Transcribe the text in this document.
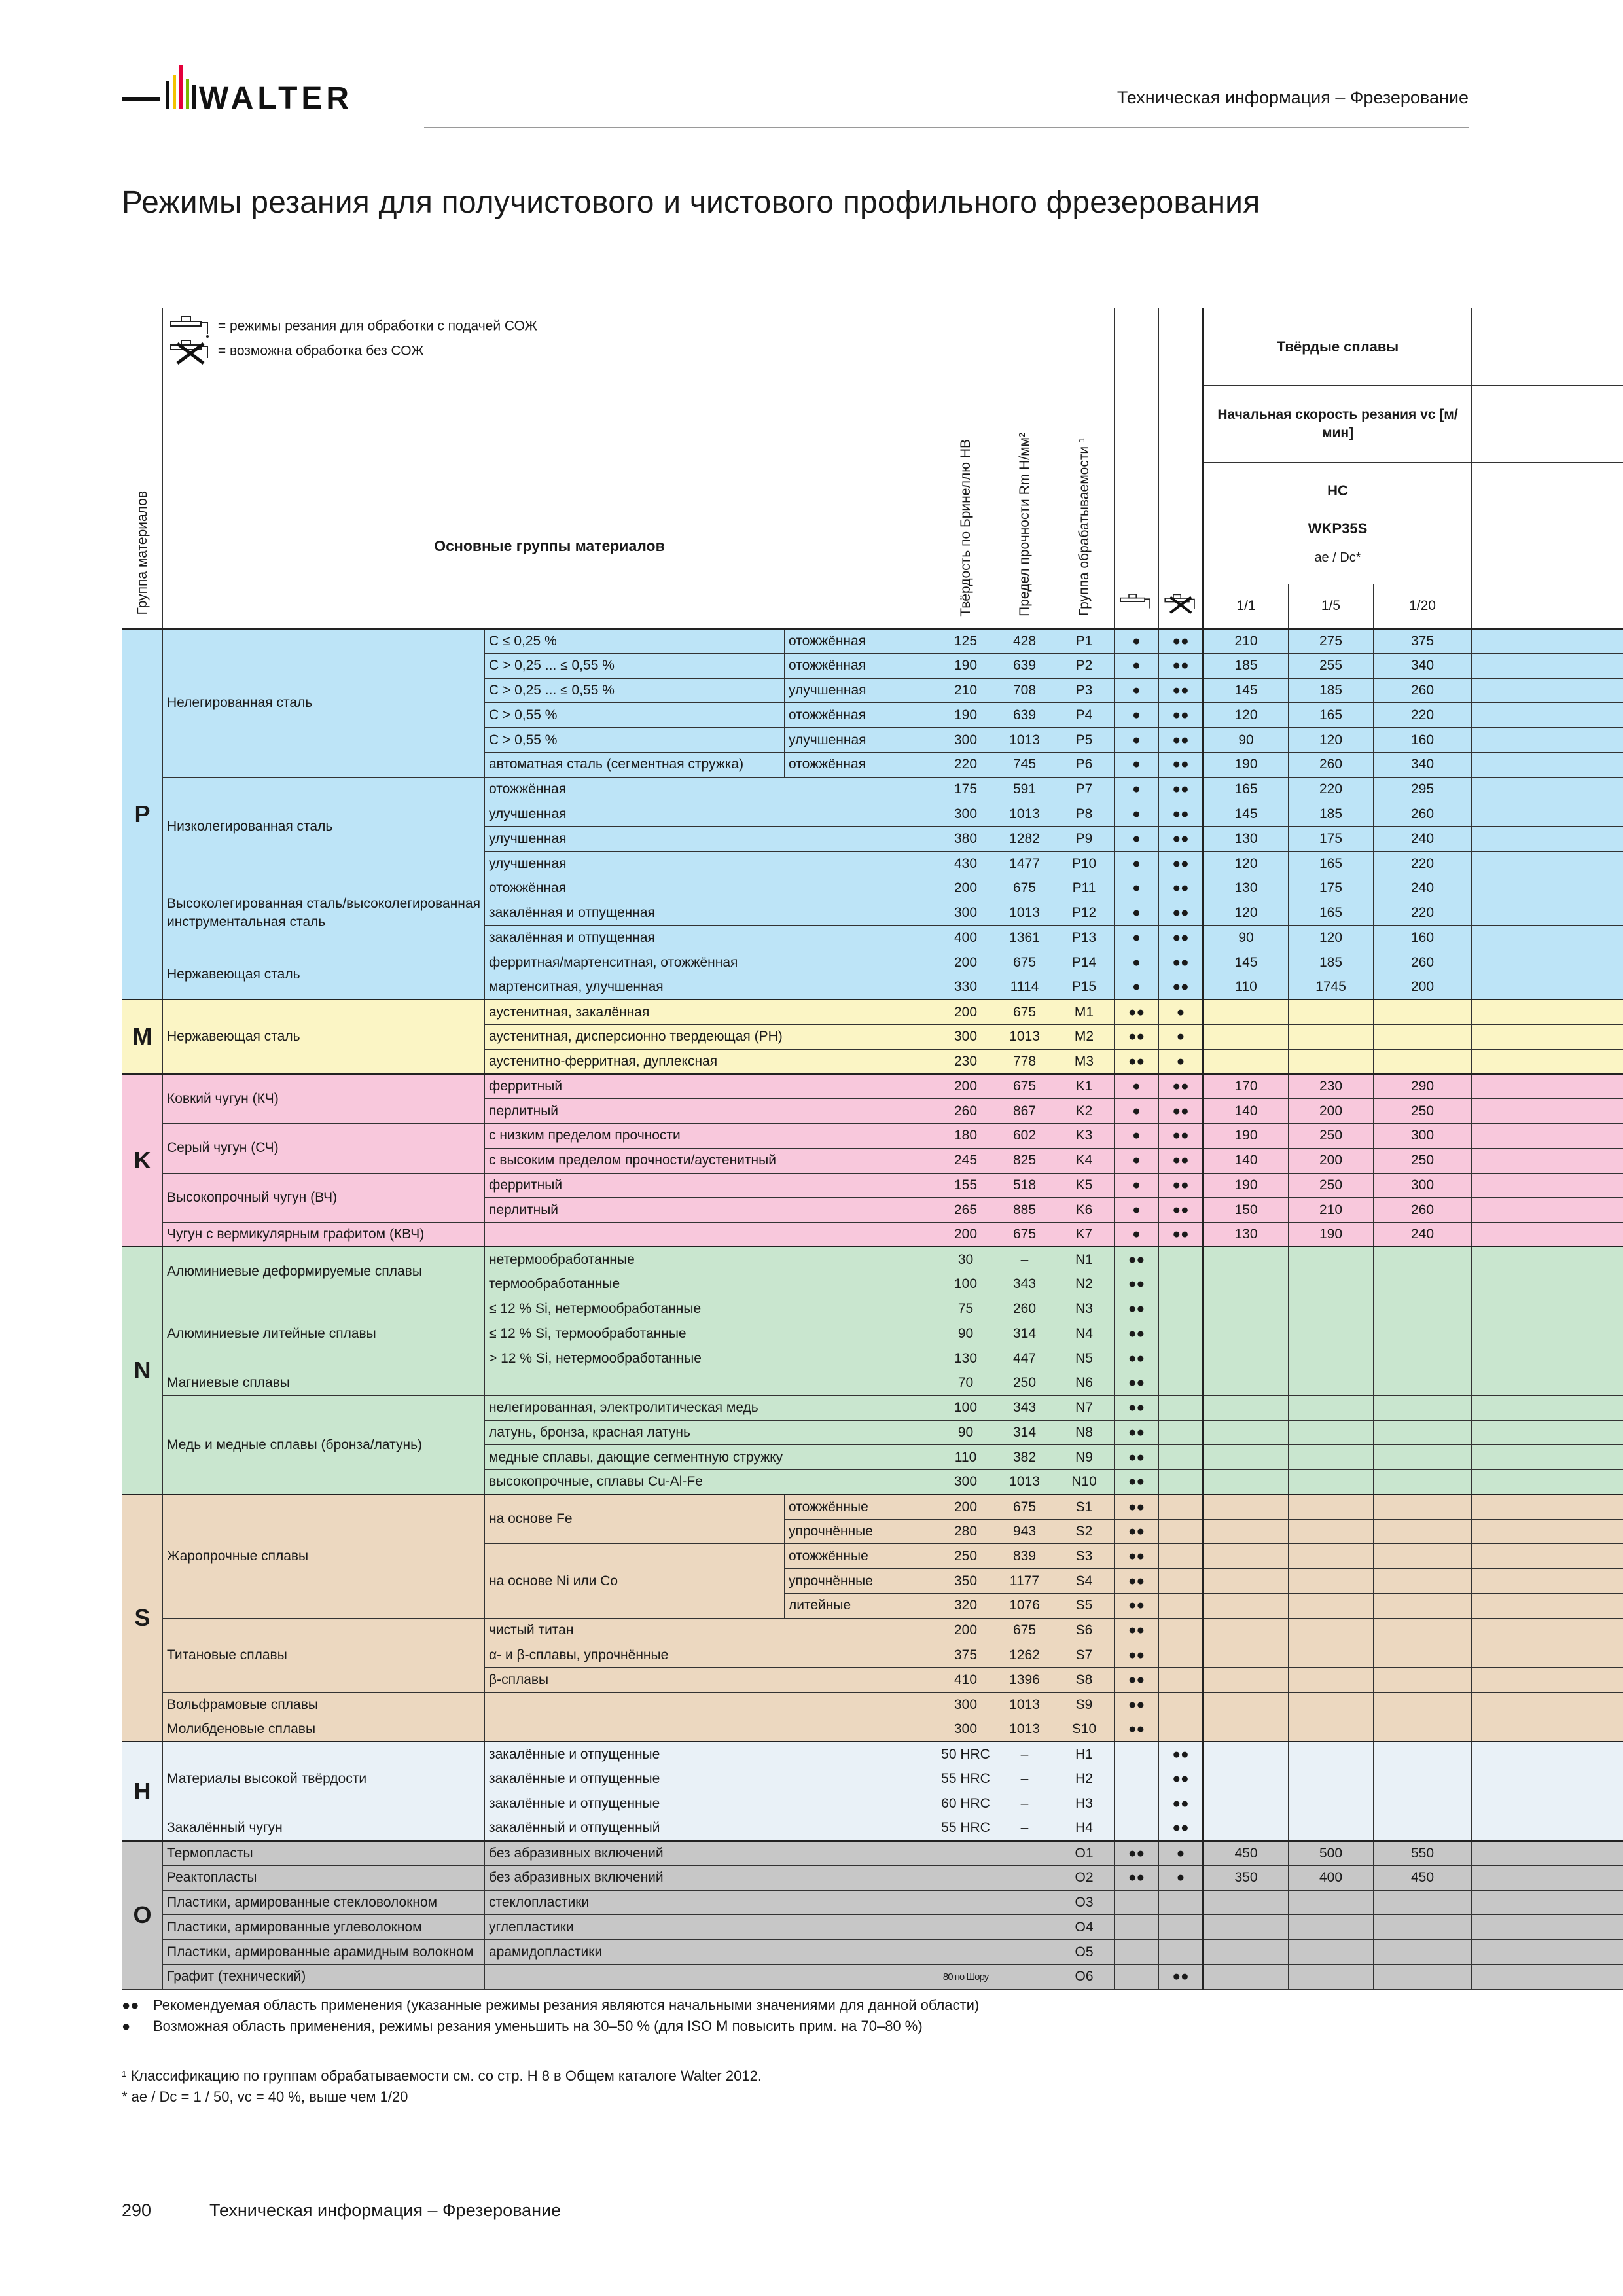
WALTER	Техническая информация – Фрезерование
Режимы резания для получистового и чистового профильного фрезерования
Группа материалов	= режимы резания для обработки с подачей СОЖ
= возможна обработка без СОЖ
Основные группы материалов			Твёрдость по Бринеллю HB	Предел прочности Rm Н/мм²	Группа обрабатываемости ¹			Твёрдые сплавы			
									Начальная скорость резания vc [м/мин]			

									HC
WKP35S
ae / Dc*			

									1/1	1/5	1/20	
P	Нелегированная сталь	C ≤ 0,25 %	отожжённая	125	428	P1	●	●●	210	275	375	
		C > 0,25 ... ≤ 0,55 %	отожжённая	190	639	P2	●	●●	185	255	340	
		C > 0,25 ... ≤ 0,55 %	улучшенная	210	708	P3	●	●●	145	185	260	
		C > 0,55 %	отожжённая	190	639	P4	●	●●	120	165	220	
		C > 0,55 %	улучшенная	300	1013	P5	●	●●	90	120	160	
		автоматная сталь (сегментная стружка)	отожжённая	220	745	P6	●	●●	190	260	340	
	Низколегированная сталь	отожжённая		175	591	P7	●	●●	165	220	295	
		улучшенная		300	1013	P8	●	●●	145	185	260	
		улучшенная		380	1282	P9	●	●●	130	175	240	
		улучшенная		430	1477	P10	●	●●	120	165	220	
	Высоколегированная сталь/высоколегированная инструментальная сталь	отожжённая		200	675	P11	●	●●	130	175	240	
		закалённая и отпущенная		300	1013	P12	●	●●	120	165	220	
		закалённая и отпущенная		400	1361	P13	●	●●	90	120	160	
	Нержавеющая сталь	ферритная/мартенситная, отожжённая		200	675	P14	●	●●	145	185	260	
		мартенситная, улучшенная		330	1114	P15	●	●●	110	1745	200	
M	Нержавеющая сталь	аустенитная, закалённая		200	675	M1	●●	●				
		аустенитная, дисперсионно твердеющая (PH)		300	1013	M2	●●	●				
		аустенитно-ферритная, дуплексная		230	778	M3	●●	●				
K	Ковкий чугун (КЧ)	ферритный		200	675	K1	●	●●	170	230	290	
		перлитный		260	867	K2	●	●●	140	200	250	
	Серый чугун (СЧ)	с низким пределом прочности		180	602	K3	●	●●	190	250	300	
		с высоким пределом прочности/аустенитный		245	825	K4	●	●●	140	200	250	
	Высокопрочный чугун (ВЧ)	ферритный		155	518	K5	●	●●	190	250	300	
		перлитный		265	885	K6	●	●●	150	210	260	
	Чугун с вермикулярным графитом (КВЧ)			200	675	K7	●	●●	130	190	240	
N	Алюминиевые деформируемые сплавы	нетермообработанные		30	–	N1	●●					
		термообработанные		100	343	N2	●●					
	Алюминиевые литейные сплавы	≤ 12 % Si, нетермообработанные		75	260	N3	●●					
		≤ 12 % Si, термообработанные		90	314	N4	●●					
		> 12 % Si, нетермообработанные		130	447	N5	●●					
	Магниевые сплавы			70	250	N6	●●					
	Медь и медные сплавы (бронза/латунь)	нелегированная, электролитическая медь		100	343	N7	●●					
		латунь, бронза, красная латунь		90	314	N8	●●					
		медные сплавы, дающие сегментную стружку		110	382	N9	●●					
		высокопрочные, сплавы Cu-Al-Fe		300	1013	N10	●●					
S	Жаропрочные сплавы	на основе Fe	отожжённые	200	675	S1	●●					
			упрочнённые	280	943	S2	●●					
		на основе Ni или Co	отожжённые	250	839	S3	●●					
			упрочнённые	350	1177	S4	●●					
			литейные	320	1076	S5	●●					
	Титановые сплавы	чистый титан		200	675	S6	●●					
		α- и β-сплавы, упрочнённые		375	1262	S7	●●					
		β-сплавы		410	1396	S8	●●					
	Вольфрамовые сплавы			300	1013	S9	●●					
	Молибденовые сплавы			300	1013	S10	●●					
H	Материалы высокой твёрдости	закалённые и отпущенные		50 HRC	–	H1		●●				
		закалённые и отпущенные		55 HRC	–	H2		●●				
		закалённые и отпущенные		60 HRC	–	H3		●●				
	Закалённый чугун	закалённый и отпущенный		55 HRC	–	H4		●●				
O	Термопласты	без абразивных включений				O1	●●	●	450	500	550	
	Реактопласты	без абразивных включений				O2	●●	●	350	400	450	
	Пластики, армированные стекловолокном	стеклопластики				O3						
	Пластики, армированные углеволокном	углепластики				O4						
	Пластики, армированные арамидным волокном	арамидопластики				O5						
	Графит (технический)			80 по Шору		O6		●●				
●● Рекомендуемая область применения (указанные режимы резания являются начальными значениями для данной области)
● Возможная область применения, режимы резания уменьшить на 30–50 % (для ISO M повысить прим. на 70–80 %)
¹ Классификацию по группам обрабатываемости см. со стр. H 8 в Общем каталоге Walter 2012.
* ae / Dc = 1 / 50, vc = 40 %, выше чем 1/20
290	Техническая информация – Фрезерование
